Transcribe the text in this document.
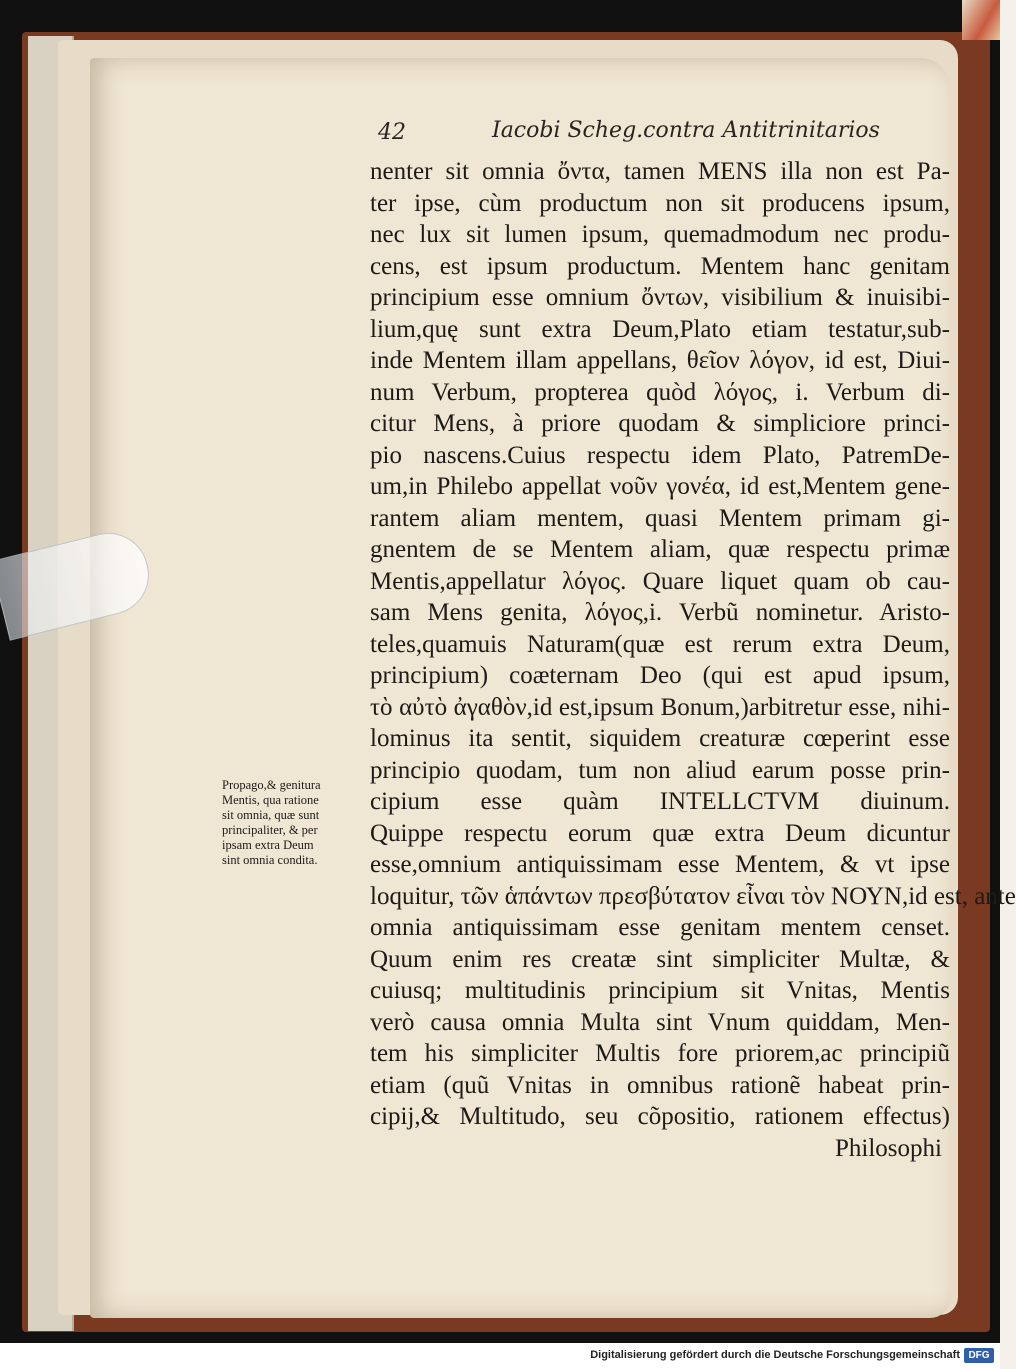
42	Iacobi Scheg.contra Antitrinitarios
Propago,& genitura
Mentis, qua ratione
sit omnia, quæ sunt
principaliter, & per
ipsam extra Deum
sint omnia condita.
nenter sit omnia ὄντα, tamen MENS illa non est Pa-
ter ipse, cùm productum non sit producens ipsum,
nec lux sit lumen ipsum, quemadmodum nec produ-
cens, est ipsum productum. Mentem hanc genitam
principium esse omnium ὄντων, visibilium & inuisibi-
lium,quę sunt extra Deum,Plato etiam testatur,sub-
inde Mentem illam appellans, θεῖον λόγον, id est, Diui-
num Verbum, propterea quòd λόγος, i. Verbum di-
citur Mens, à priore quodam & simpliciore princi-
pio nascens.Cuius respectu idem Plato, PatremDe-
um,in Philebo appellat νοῦν γονέα, id est,Mentem gene-
rantem aliam mentem, quasi Mentem primam gi-
gnentem de se Mentem aliam, quæ respectu primæ
Mentis,appellatur λόγος. Quare liquet quam ob cau-
sam Mens genita, λόγος,i. Verbũ nominetur. Aristo-
teles,quamuis Naturam(quæ est rerum extra Deum,
principium) coæternam Deo (qui est apud ipsum,
τὸ αὐτὸ ἀγαθὸν,id est,ipsum Bonum,)arbitretur esse, nihi-
lominus ita sentit, siquidem creaturæ cœperint esse
principio quodam, tum non aliud earum posse prin-
cipium esse quàm INTELLCTVM diuinum.
Quippe respectu eorum quæ extra Deum dicuntur
esse,omnium antiquissimam esse Mentem, & vt ipse
loquitur, τῶν ἁπάντων πρεσβύτατον εἶναι τὸν ΝΟΥΝ,id est, ante
omnia antiquissimam esse genitam mentem censet.
Quum enim res creatæ sint simpliciter Multæ, &
cuiusq; multitudinis principium sit Vnitas, Mentis
verò causa omnia Multa sint Vnum quiddam, Men-
tem his simpliciter Multis fore priorem,ac principiũ
etiam (quũ Vnitas in omnibus rationẽ habeat prin-
cipij,& Multitudo, seu cõpositio, rationem effectus)
Philosophi
Digitalisierung gefördert durch die Deutsche Forschungsgemeinschaft DFG
